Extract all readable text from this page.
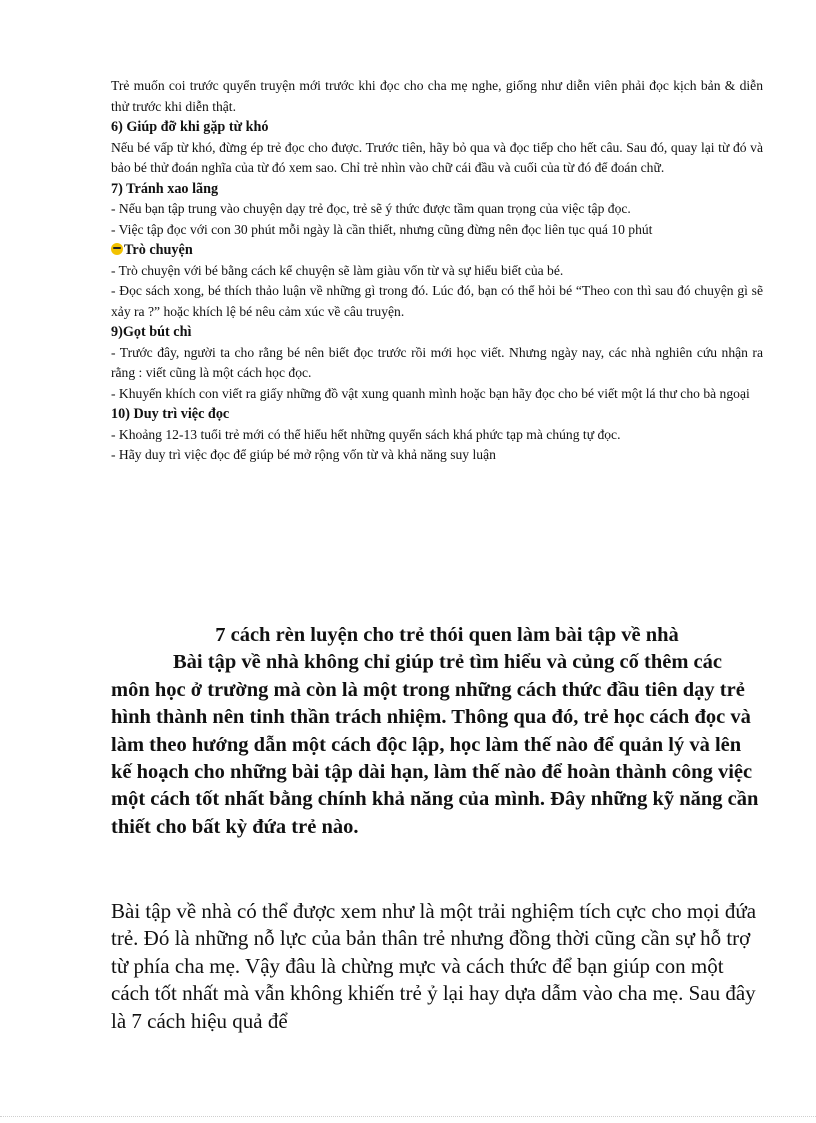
Trẻ muốn coi trước quyển truyện mới trước khi đọc cho cha mẹ nghe, giống như diễn viên phải đọc kịch bản & diễn thử trước khi diễn thật.

6) Giúp đỡ khi gặp từ khó

Nếu bé vấp từ khó, đừng ép trẻ đọc cho được. Trước tiên, hãy bỏ qua và đọc tiếp cho hết câu. Sau đó, quay lại từ đó và bảo bé thử đoán nghĩa của từ đó xem sao. Chỉ trẻ nhìn vào chữ cái đầu và cuối của từ đó để đoán chữ.

7) Tránh xao lãng

- Nếu bạn tập trung vào chuyện dạy trẻ đọc, trẻ sẽ ý thức được tầm quan trọng của việc tập đọc.

- Việc tập đọc với con 30 phút mỗi ngày là cần thiết, nhưng cũng đừng nên đọc liên tục quá 10 phút

Trò chuyện

- Trò chuyện với bé bằng cách kể chuyện sẽ làm giàu vốn từ và sự hiểu biết của bé.

- Đọc sách xong, bé thích thảo luận về những gì trong đó. Lúc đó, bạn có thể hỏi bé “Theo con thì sau đó chuyện gì sẽ xảy ra ?” hoặc khích lệ bé nêu cảm xúc về câu truyện.

9)Gọt bút chì

- Trước đây, người ta cho rằng bé nên biết đọc trước rồi mới học viết. Nhưng ngày nay, các nhà nghiên cứu nhận ra rằng : viết cũng là một cách học đọc.

- Khuyến khích con viết ra giấy những đồ vật xung quanh mình hoặc bạn hãy đọc cho bé viết một lá thư cho bà ngoại

10) Duy trì việc đọc

- Khoảng 12-13 tuổi trẻ mới có thể hiểu hết những quyển sách khá phức tạp mà chúng tự đọc.

- Hãy duy trì việc đọc để giúp bé mở rộng vốn từ và khả năng suy luận

7 cách rèn luyện cho trẻ thói quen làm bài tập về nhà

Bài tập về nhà không chỉ giúp trẻ tìm hiểu và củng cố thêm các môn học ở trường mà còn là một trong những cách thức đầu tiên dạy trẻ hình thành nên tinh thần trách nhiệm. Thông qua đó, trẻ học cách đọc và làm theo hướng dẫn một cách độc lập, học làm thế nào để quản lý và lên kế hoạch cho những bài tập dài hạn, làm thế nào để hoàn thành công việc một cách tốt nhất bằng chính khả năng của mình. Đây những kỹ năng cần thiết cho bất kỳ đứa trẻ nào.

Bài tập về nhà có thể được xem như là một trải nghiệm tích cực cho mọi đứa trẻ. Đó là những nỗ lực của bản thân trẻ nhưng đồng thời cũng cần sự hỗ trợ từ phía cha mẹ. Vậy đâu là chừng mực và cách thức để bạn giúp con một cách tốt nhất mà vẫn không khiến trẻ ỷ lại hay dựa dẫm vào cha mẹ. Sau đây là 7 cách hiệu quả để
